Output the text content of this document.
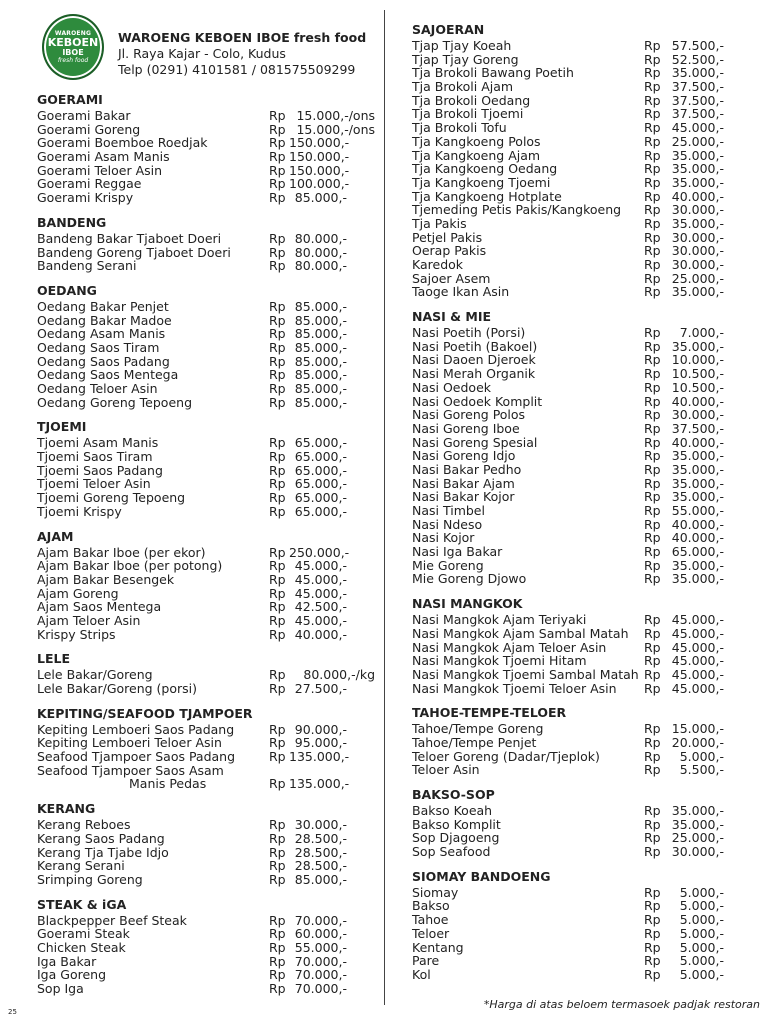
WAROENG
KEBOEN
IBOE
fresh food
WAROENG KEBOEN IBOE fresh food
Jl. Raya Kajar - Colo, Kudus
Telp (0291) 4101581 / 081575509299
GOERAMI
Goerami Bakar	Rp 15.000,-/ons
Goerami Goreng	Rp 15.000,-/ons
Goerami Boemboe Roedjak	Rp 150.000,-
Goerami Asam Manis	Rp 150.000,-
Goerami Teloer Asin	Rp 150.000,-
Goerami Reggae	Rp 100.000,-
Goerami Krispy	Rp 85.000,-
BANDENG
Bandeng Bakar Tjaboet Doeri	Rp 80.000,-
Bandeng Goreng Tjaboet Doeri	Rp 80.000,-
Bandeng Serani	Rp 80.000,-
OEDANG
Oedang Bakar Penjet	Rp 85.000,-
Oedang Bakar Madoe	Rp 85.000,-
Oedang Asam Manis	Rp 85.000,-
Oedang Saos Tiram	Rp 85.000,-
Oedang Saos Padang	Rp 85.000,-
Oedang Saos Mentega	Rp 85.000,-
Oedang Teloer Asin	Rp 85.000,-
Oedang Goreng Tepoeng	Rp 85.000,-
TJOEMI
Tjoemi Asam Manis	Rp 65.000,-
Tjoemi Saos Tiram	Rp 65.000,-
Tjoemi Saos Padang	Rp 65.000,-
Tjoemi Teloer Asin	Rp 65.000,-
Tjoemi Goreng Tepoeng	Rp 65.000,-
Tjoemi Krispy	Rp 65.000,-
AJAM
Ajam Bakar Iboe (per ekor)	Rp 250.000,-
Ajam Bakar Iboe (per potong)	Rp 45.000,-
Ajam Bakar Besengek	Rp 45.000,-
Ajam Goreng	Rp 45.000,-
Ajam Saos Mentega	Rp 42.500,-
Ajam Teloer Asin	Rp 45.000,-
Krispy Strips	Rp 40.000,-
LELE
Lele Bakar/Goreng	Rp	80.000,-/kg
Lele Bakar/Goreng (porsi)	Rp 27.500,-
KEPITING/SEAFOOD TJAMPOER
Kepiting Lemboeri Saos Padang	Rp 90.000,-
Kepiting Lemboeri Teloer Asin	Rp 95.000,-
Seafood Tjampoer Saos Padang	Rp 135.000,-
Seafood Tjampoer Saos Asam
Manis Pedas	Rp 135.000,-
KERANG
Kerang Reboes	Rp 30.000,-
Kerang Saos Padang	Rp 28.500,-
Kerang Tja Tjabe Idjo	Rp 28.500,-
Kerang Serani	Rp 28.500,-
Srimping Goreng	Rp 85.000,-
STEAK & iGA
Blackpepper Beef Steak	Rp 70.000,-
Goerami Steak	Rp 60.000,-
Chicken Steak	Rp 55.000,-
Iga Bakar	Rp 70.000,-
Iga Goreng	Rp 70.000,-
Sop Iga	Rp 70.000,-
SAJOERAN
Tjap Tjay Koeah	Rp 57.500,-
Tjap Tjay Goreng	Rp 52.500,-
Tja Brokoli Bawang Poetih	Rp 35.000,-
Tja Brokoli Ajam	Rp 37.500,-
Tja Brokoli Oedang	Rp 37.500,-
Tja Brokoli Tjoemi	Rp 37.500,-
Tja Brokoli Tofu	Rp 45.000,-
Tja Kangkoeng Polos	Rp 25.000,-
Tja Kangkoeng Ajam	Rp 35.000,-
Tja Kangkoeng Oedang	Rp 35.000,-
Tja Kangkoeng Tjoemi	Rp 35.000,-
Tja Kangkoeng Hotplate	Rp 40.000,-
Tjemeding Petis Pakis/Kangkoeng Rp 30.000,-
Tja Pakis	Rp 35.000,-
Petjel Pakis	Rp 30.000,-
Oerap Pakis	Rp 30.000,-
Karedok	Rp 30.000,-
Sajoer Asem	Rp 25.000,-
Taoge Ikan Asin	Rp 35.000,-
NASI & MIE
Nasi Poetih (Porsi)	Rp	7.000,-
Nasi Poetih (Bakoel)	Rp 35.000,-
Nasi Daoen Djeroek	Rp 10.000,-
Nasi Merah Organik	Rp 10.500,-
Nasi Oedoek	Rp 10.500,-
Nasi Oedoek Komplit	Rp 40.000,-
Nasi Goreng Polos	Rp 30.000,-
Nasi Goreng Iboe	Rp 37.500,-
Nasi Goreng Spesial	Rp 40.000,-
Nasi Goreng Idjo	Rp 35.000,-
Nasi Bakar Pedho	Rp 35.000,-
Nasi Bakar Ajam	Rp 35.000,-
Nasi Bakar Kojor	Rp 35.000,-
Nasi Timbel	Rp 55.000,-
Nasi Ndeso	Rp 40.000,-
Nasi Kojor	Rp 40.000,-
Nasi Iga Bakar	Rp 65.000,-
Mie Goreng	Rp 35.000,-
Mie Goreng Djowo	Rp 35.000,-
NASI MANGKOK
Nasi Mangkok Ajam Teriyaki	Rp 45.000,-
Nasi Mangkok Ajam Sambal Matah Rp 45.000,-
Nasi Mangkok Ajam Teloer Asin	Rp 45.000,-
Nasi Mangkok Tjoemi Hitam	Rp 45.000,-
Nasi Mangkok Tjoemi Sambal Matah Rp 45.000,-
Nasi Mangkok Tjoemi Teloer Asin Rp 45.000,-
TAHOE-TEMPE-TELOER
Tahoe/Tempe Goreng	Rp 15.000,-
Tahoe/Tempe Penjet	Rp 20.000,-
Teloer Goreng (Dadar/Tjeplok)	Rp	5.000,-
Teloer Asin	Rp	5.500,-
BAKSO-SOP
Bakso Koeah	Rp 35.000,-
Bakso Komplit	Rp 35.000,-
Sop Djagoeng	Rp 25.000,-
Sop Seafood	Rp 30.000,-
SIOMAY BANDOENG
Siomay	Rp	5.000,-
Bakso	Rp	5.000,-
Tahoe	Rp	5.000,-
Teloer	Rp	5.000,-
Kentang	Rp	5.000,-
Pare	Rp	5.000,-
Kol	Rp	5.000,-
*Harga di atas beloem termasoek padjak restoran
25
